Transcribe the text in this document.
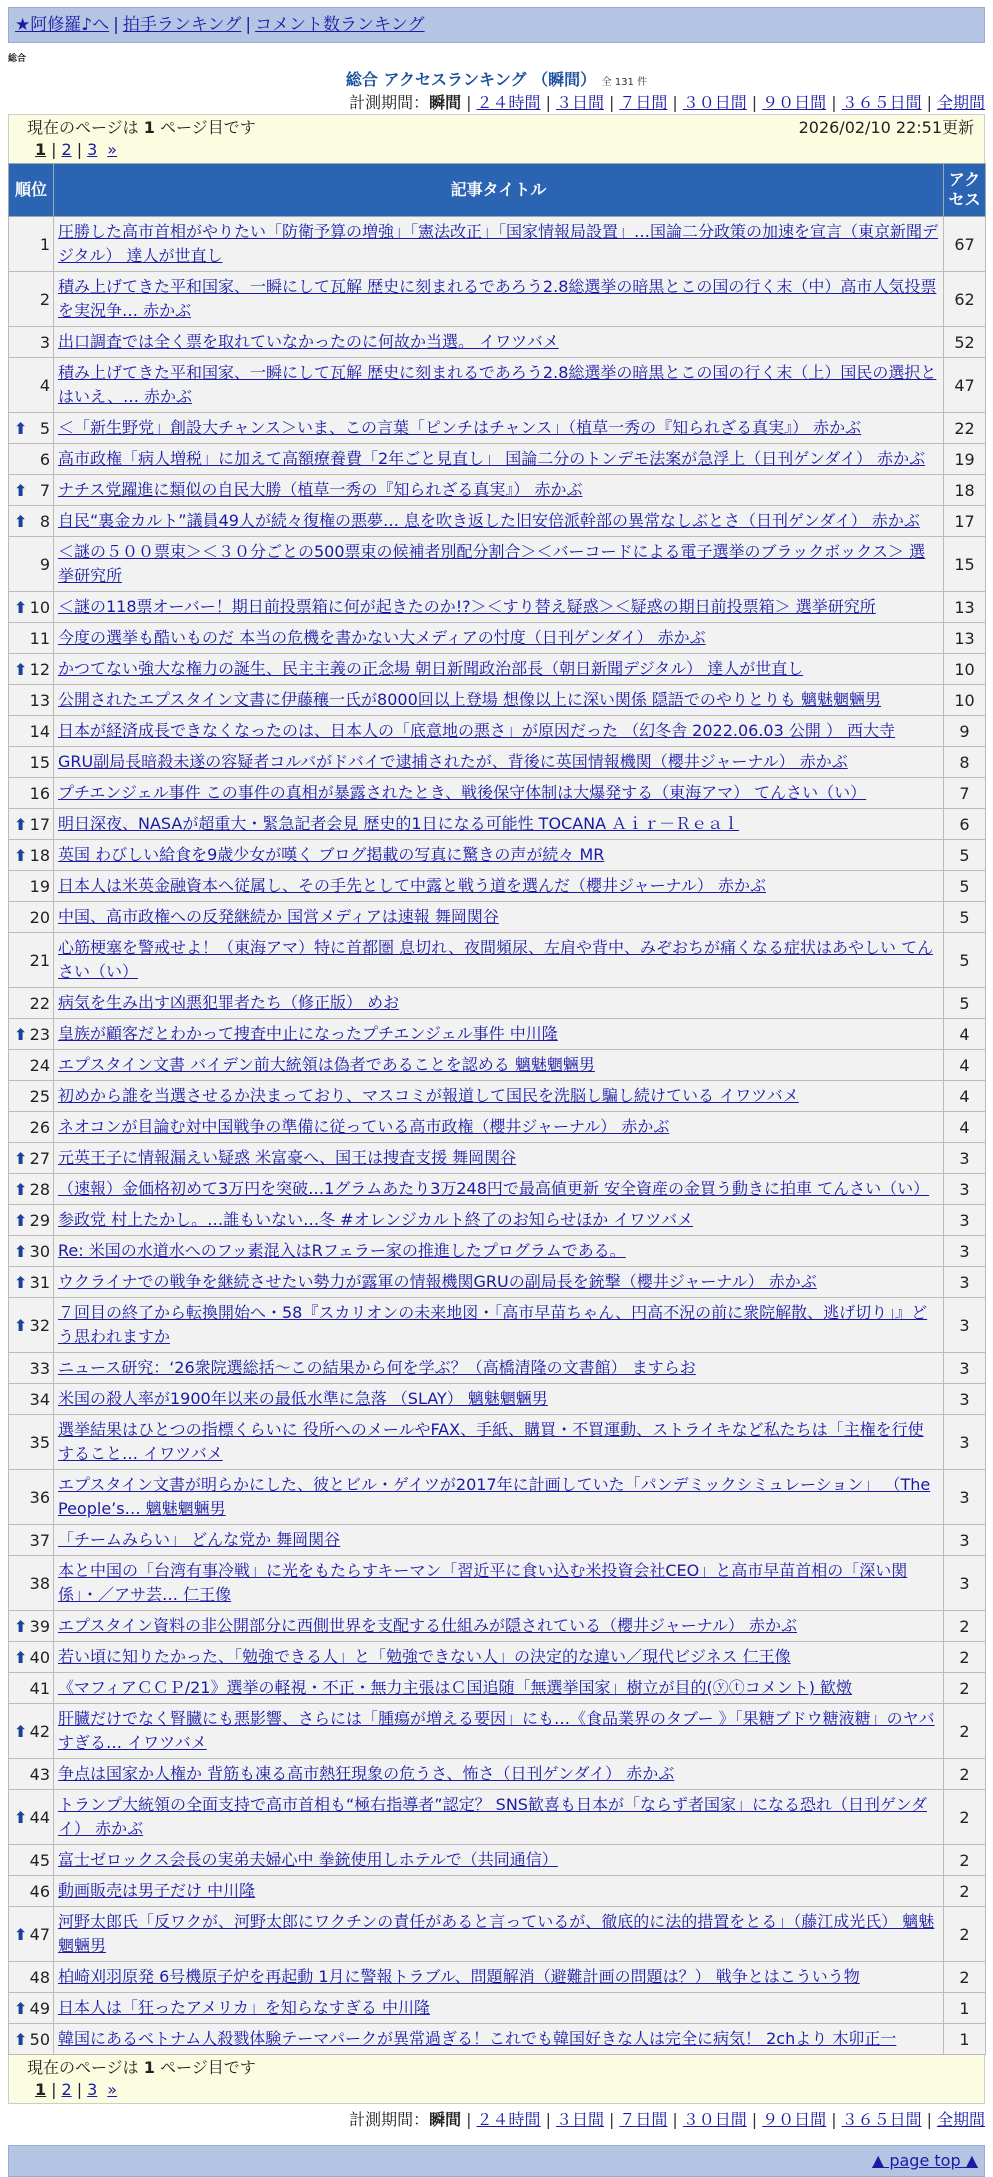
★阿修羅♪へ | 拍手ランキング | コメント数ランキング
総合
総合 アクセスランキング （瞬間） 全 131 件
計測期間：瞬間 | ２４時間 | ３日間 | ７日間 | ３０日間 | ９０日間 | ３６５日間 | 全期間
現在のページは 1 ページ目です	2026/02/10 22:51更新
1 | 2 | 3 »
順位	記事タイトル	アクセス
1	圧勝した高市首相がやりたい「防衛予算の増強」「憲法改正」「国家情報局設置」…国論二分政策の加速を宣言（東京新聞デジタル） 達人が世直し	67
2	積み上げてきた平和国家、一瞬にして瓦解 歴史に刻まれるであろう2.8総選挙の暗黒とこの国の行く末（中）高市人気投票を実況争… 赤かぶ	62
3	出口調査では全く票を取れていなかったのに何故か当選。 イワツバメ	52
4	積み上げてきた平和国家、一瞬にして瓦解 歴史に刻まれるであろう2.8総選挙の暗黒とこの国の行く末（上）国民の選択とはいえ、… 赤かぶ	47

⬆ 5	＜「新生野党」創設大チャンス＞いま、この言葉「ピンチはチャンス」（植草一秀の『知られざる真実』） 赤かぶ	22
6	高市政権「病人増税」に加えて高額療養費「2年ごと見直し」 国論二分のトンデモ法案が急浮上（日刊ゲンダイ） 赤かぶ	19

⬆ 7	ナチス党躍進に類似の自民大勝（植草一秀の『知られざる真実』） 赤かぶ	18

⬆ 8	自民“裏金カルト”議員49人が続々復権の悪夢… 息を吹き返した旧安倍派幹部の異常なしぶとさ（日刊ゲンダイ） 赤かぶ	17
9	＜謎の５００票束＞＜３０分ごとの500票束の候補者別配分割合＞＜バーコードによる電子選挙のブラックボックス＞ 選挙研究所	15

⬆ 10	＜謎の118票オーバー！期日前投票箱に何が起きたのか!?＞＜すり替え疑惑＞＜疑惑の期日前投票箱＞ 選挙研究所	13
11	今度の選挙も酷いものだ 本当の危機を書かない大メディアの忖度（日刊ゲンダイ） 赤かぶ	13

⬆ 12	かつてない強大な権力の誕生、民主主義の正念場 朝日新聞政治部長（朝日新聞デジタル） 達人が世直し	10
13	公開されたエプスタイン文書に伊藤穰一氏が8000回以上登場 想像以上に深い関係 隠語でのやりとりも 魑魅魍魎男	10
14	日本が経済成長できなくなったのは、日本人の「底意地の悪さ」が原因だった （幻冬舎 2022.06.03 公開 ） 西大寺	9
15	GRU副局長暗殺未遂の容疑者コルバがドバイで逮捕されたが、背後に英国情報機関（櫻井ジャーナル） 赤かぶ	8
16	プチエンジェル事件 この事件の真相が暴露されたとき、戦後保守体制は大爆発する（東海アマ） てんさい（い）	7

⬆ 17	明日深夜、NASAが超重大・緊急記者会見 歴史的1日になる可能性 TOCANA Ａｉｒ－Ｒｅａｌ	6

⬆ 18	英国 わびしい給食を9歳少女が嘆く ブログ掲載の写真に驚きの声が続々 MR	5
19	日本人は米英金融資本へ従属し、その手先として中露と戦う道を選んだ（櫻井ジャーナル） 赤かぶ	5
20	中国、高市政権への反発継続か 国営メディアは速報 舞岡関谷	5
21	心筋梗塞を警戒せよ！（東海アマ）特に首都圏 息切れ、夜間頻尿、左肩や背中、みぞおちが痛くなる症状はあやしい てんさい（い）	5
22	病気を生み出す凶悪犯罪者たち（修正版） めお	5

⬆ 23	皇族が顧客だとわかって捜査中止になったプチエンジェル事件 中川隆	4
24	エプスタイン文書 バイデン前大統領は偽者であることを認める 魑魅魍魎男	4
25	初めから誰を当選させるか決まっており、マスコミが報道して国民を洗脳し騙し続けている イワツバメ	4
26	ネオコンが目論む対中国戦争の準備に従っている高市政権（櫻井ジャーナル） 赤かぶ	4

⬆ 27	元英王子に情報漏えい疑惑 米富豪へ、国王は捜査支援 舞岡関谷	3

⬆ 28	（速報）金価格初めて3万円を突破…1グラムあたり3万248円で最高値更新 安全資産の金買う動きに拍車 てんさい（い）	3

⬆ 29	参政党 村上たかし。…誰もいない…冬 #オレンジカルト終了のお知らせほか イワツバメ	3

⬆ 30	Re: 米国の水道水へのフッ素混入はRフェラー家の推進したプログラムである。	3

⬆ 31	ウクライナでの戦争を継続させたい勢力が露軍の情報機関GRUの副局長を銃撃（櫻井ジャーナル） 赤かぶ	3

⬆ 32	７回目の終了から転換開始へ・58『スカリオンの未来地図・「高市早苗ちゃん、円高不況の前に衆院解散、逃げ切り」』どう思われますか	3
33	ニュース研究：‘26衆院選総括〜この結果から何を学ぶ？（高橋清隆の文書館） ますらお	3
34	米国の殺人率が1900年以来の最低水準に急落 （SLAY） 魑魅魍魎男	3
35	選挙結果はひとつの指標くらいに 役所へのメールやFAX、手紙、購買・不買運動、ストライキなど私たちは「主権を行使すること… イワツバメ	3
36	エプスタイン文書が明らかにした、彼とビル・ゲイツが2017年に計画していた「パンデミックシミュレーション」 （The People’s… 魑魅魍魎男	3
37	「チームみらい」 どんな党か 舞岡関谷	3
38	本と中国の「台湾有事冷戦」に光をもたらすキーマン「習近平に食い込む米投資会社CEO」と高市早苗首相の「深い関係」・／アサ芸… 仁王像	3

⬆ 39	エプスタイン資料の非公開部分に西側世界を支配する仕組みが隠されている（櫻井ジャーナル） 赤かぶ	2

⬆ 40	若い頃に知りたかった、「勉強できる人」と「勉強できない人」の決定的な違い／現代ビジネス 仁王像	2
41	《マフィアＣＣＰ/21》選挙の軽視・不正・無力主張はＣ国追随「無選挙国家」樹立が目的(ⓨⓣコメント) 歓燉	2

⬆ 42	肝臓だけでなく腎臓にも悪影響、さらには「腫瘍が増える要因」にも…《食品業界のタブー 》「果糖ブドウ糖液糖」のヤバすぎる… イワツバメ	2
43	争点は国家か人権か 背筋も凍る高市熱狂現象の危うさ、怖さ（日刊ゲンダイ） 赤かぶ	2

⬆ 44	トランプ大統領の全面支持で高市首相も“極右指導者”認定？ SNS歓喜も日本が「ならず者国家」になる恐れ（日刊ゲンダイ） 赤かぶ	2
45	富士ゼロックス会長の実弟夫婦心中 拳銃使用しホテルで（共同通信）	2
46	動画販売は男子だけ 中川隆	2

⬆ 47	河野太郎氏「反ワクが、河野太郎にワクチンの責任があると言っているが、徹底的に法的措置をとる」（藤江成光氏） 魑魅魍魎男	2
48	柏崎刈羽原発 6号機原子炉を再起動 1月に警報トラブル、問題解消（避難計画の問題は？） 戦争とはこういう物	2

⬆ 49	日本人は「狂ったアメリカ」を知らなすぎる 中川隆	1

⬆ 50	韓国にあるベトナム人殺戮体験テーマパークが異常過ぎる！これでも韓国好きな人は完全に病気！ 2chより 木卯正一	1
現在のページは 1 ページ目です
1 | 2 | 3 »
計測期間：瞬間 | ２４時間 | ３日間 | ７日間 | ３０日間 | ９０日間 | ３６５日間 | 全期間
▲ page top ▲
